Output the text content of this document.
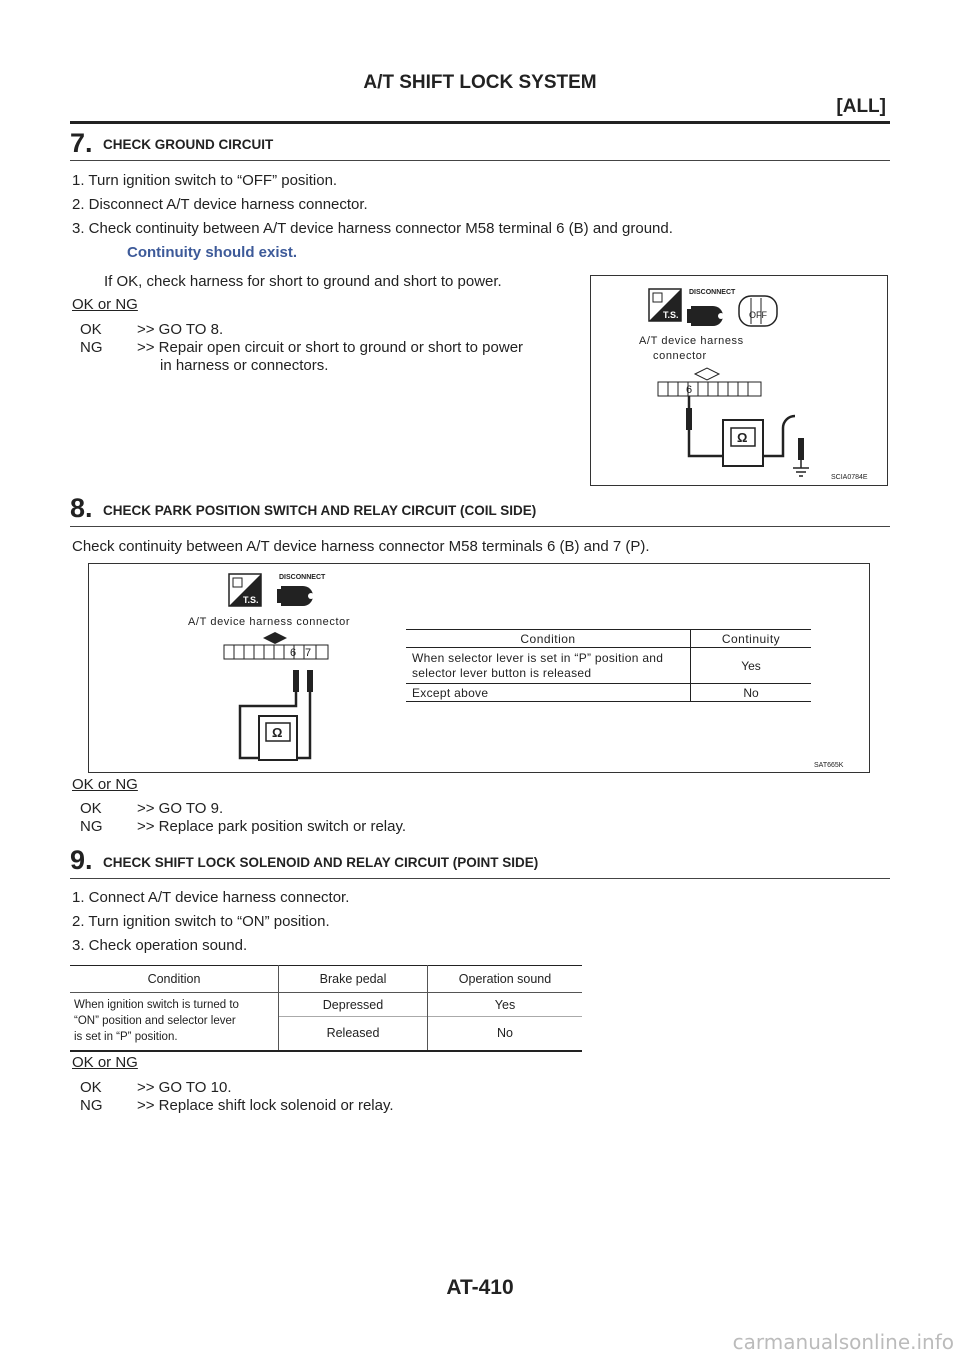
A/T SHIFT LOCK SYSTEM
[ALL]
7. CHECK GROUND CIRCUIT
1. Turn ignition switch to “OFF” position.
2. Disconnect A/T device harness connector.
3. Check continuity between A/T device harness connector M58 terminal 6 (B) and ground.
Continuity should exist.
If OK, check harness for short to ground and short to power.
OK or NG
OK >> GO TO 8.
NG >> Repair open circuit or short to ground or short to power
in harness or connectors.
T.S.
DISCONNECT
OFF
A/T device harness
connector
6
Ω
SCIA0784E
8. CHECK PARK POSITION SWITCH AND RELAY CIRCUIT (COIL SIDE)
Check continuity between A/T device harness connector M58 terminals 6 (B) and 7 (P).
T.S.
DISCONNECT
A/T device harness connector
6 7
Ω
SAT665K
Condition	Continuity

When selector lever is set in “P” position and
selector lever button is released	Yes
Except above	No
OK or NG
OK >> GO TO 9.
NG >> Replace park position switch or relay.
9. CHECK SHIFT LOCK SOLENOID AND RELAY CIRCUIT (POINT SIDE)
1. Connect A/T device harness connector.
2. Turn ignition switch to “ON” position.
3. Check operation sound.
Condition	Brake pedal	Operation sound

When ignition switch is turned to
“ON” position and selector lever
is set in “P” position.	Depressed	Yes
	Released	No
OK or NG
OK >> GO TO 10.
NG >> Replace shift lock solenoid or relay.
AT-410
carmanualsonline.info
